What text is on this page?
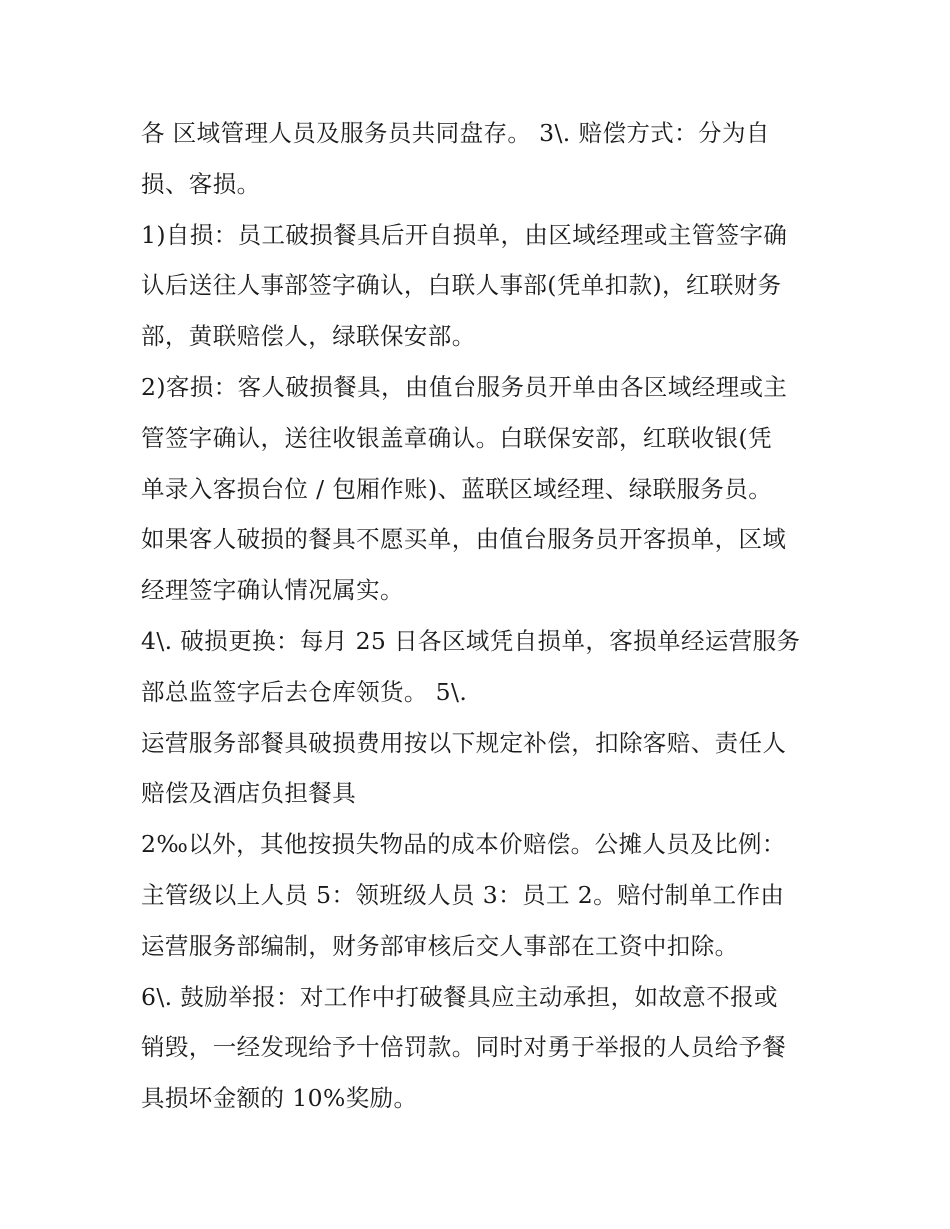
各 区域管理人员及服务员共同盘存。 3\. 赔偿方式：分为自
损、客损。
1)自损：员工破损餐具后开自损单，由区域经理或主管签字确
认后送往人事部签字确认，白联人事部(凭单扣款)，红联财务
部，黄联赔偿人，绿联保安部。
2)客损：客人破损餐具，由值台服务员开单由各区域经理或主
管签字确认，送往收银盖章确认。白联保安部，红联收银(凭
单录入客损台位 / 包厢作账)、蓝联区域经理、绿联服务员。
如果客人破损的餐具不愿买单，由值台服务员开客损单，区域
经理签字确认情况属实。
4\. 破损更换：每月 25 日各区域凭自损单，客损单经运营服务
部总监签字后去仓库领货。 5\.
运营服务部餐具破损费用按以下规定补偿，扣除客赔、责任人
赔偿及酒店负担餐具
2‰以外，其他按损失物品的成本价赔偿。公摊人员及比例：
主管级以上人员 5：领班级人员 3：员工 2。赔付制单工作由
运营服务部编制，财务部审核后交人事部在工资中扣除。
6\. 鼓励举报：对工作中打破餐具应主动承担，如故意不报或
销毁，一经发现给予十倍罚款。同时对勇于举报的人员给予餐
具损坏金额的 10%奖励。
